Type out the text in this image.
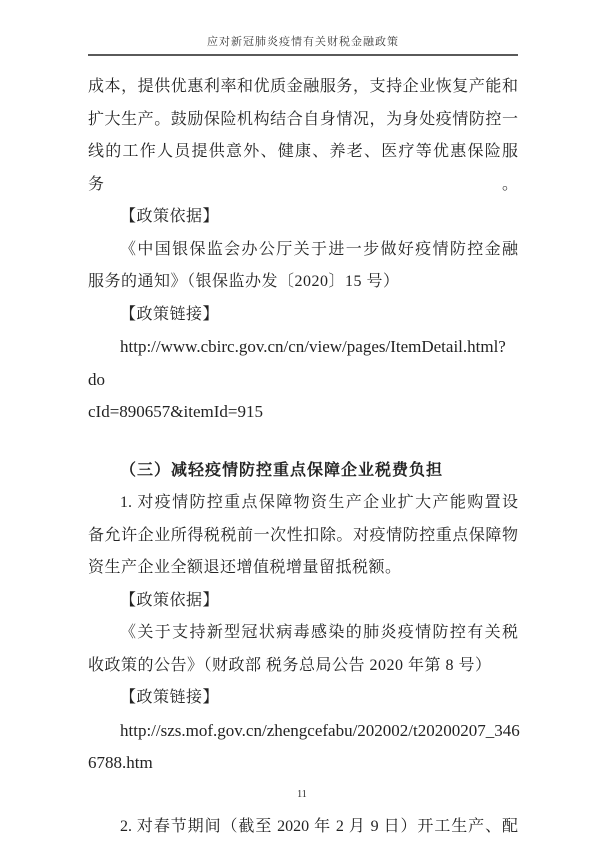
应对新冠肺炎疫情有关财税金融政策
成本，提供优惠利率和优质金融服务，支持企业恢复产能和
扩大生产。鼓励保险机构结合自身情况，为身处疫情防控一
线的工作人员提供意外、健康、养老、医疗等优惠保险服务。
【政策依据】
《中国银保监会办公厅关于进一步做好疫情防控金融
服务的通知》（银保监办发〔2020〕15 号）
【政策链接】
http://www.cbirc.gov.cn/cn/view/pages/ItemDetail.html?do
cId=890657&itemId=915
（三）减轻疫情防控重点保障企业税费负担
1. 对疫情防控重点保障物资生产企业扩大产能购置设
备允许企业所得税税前一次性扣除。对疫情防控重点保障物
资生产企业全额退还增值税增量留抵税额。
【政策依据】
《关于支持新型冠状病毒感染的肺炎疫情防控有关税
收政策的公告》（财政部 税务总局公告 2020 年第 8 号）
【政策链接】
http://szs.mof.gov.cn/zhengcefabu/202002/t20200207_346
6788.htm
2. 对春节期间（截至 2020 年 2 月 9 日）开工生产、配
11
